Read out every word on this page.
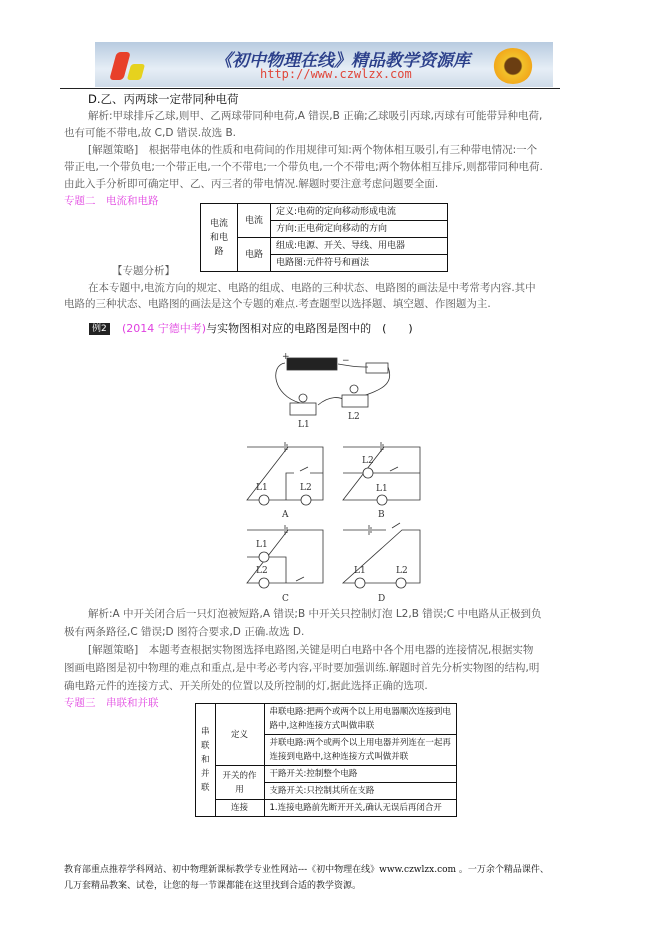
《初中物理在线》精品教学资源库
http://www.czwlzx.com
D.乙、丙两球一定带同种电荷
解析:甲球排斥乙球,则甲、乙两球带同种电荷,A 错误,B 正确;乙球吸引丙球,丙球有可能带异种电荷,
也有可能不带电,故 C,D 错误.故选 B.
[解题策略]　根据带电体的性质和电荷间的作用规律可知:两个物体相互吸引,有三种带电情况:一个
带正电,一个带负电;一个带正电,一个不带电;一个带负电,一个不带电;两个物体相互排斥,则都带同种电荷.
由此入手分析即可确定甲、乙、丙三者的带电情况.解题时要注意考虑问题要全面.
专题二　电流和电路
电流和电路	电流	定义:电荷的定向移动形成电流
		方向:正电荷定向移动的方向
	电路	组成:电源、开关、导线、用电器
		电路图:元件符号和画法
【专题分析】
在本专题中,电流方向的规定、电路的组成、电路的三种状态、电路图的画法是中考常考内容.其中
电路的三种状态、电路图的画法是这个专题的难点.考查题型以选择题、填空题、作图题为主.
例2 (2014 宁德中考)与实物图相对应的电路图是图中的　(　　)
+	−
L1
L2
L1	L2
A
L2
L1
B
L1
L2
C
L1	L2
D
解析:A 中开关闭合后一只灯泡被短路,A 错误;B 中开关只控制灯泡 L2,B 错误;C 中电路从正极到负
极有两条路径,C 错误;D 图符合要求,D 正确.故选 D.
[解题策略]　本题考查根据实物图选择电路图,关键是明白电路中各个用电器的连接情况,根据实物
图画电路图是初中物理的难点和重点,是中考必考内容,平时要加强训练.解题时首先分析实物图的结构,明
确电路元件的连接方式、开关所处的位置以及所控制的灯,据此选择正确的选项.
专题三　串联和并联
串联和并联	定义	串联电路:把两个或两个以上用电器顺次连接到电路中,这种连接方式叫做串联
		并联电路:两个或两个以上用电器并列连在一起再连接到电路中,这种连接方式叫做并联
	开关的作用	干路开关:控制整个电路
		支路开关:只控制其所在支路
	连接	1.连接电路前先断开开关,确认无误后再闭合开
教育部重点推荐学科网站、初中物理新课标教学专业性网站---《初中物理在线》www.czwlzx.com 。一万余个精品课件、
几万套精品教案、试卷，让您的每一节课都能在这里找到合适的教学资源。
